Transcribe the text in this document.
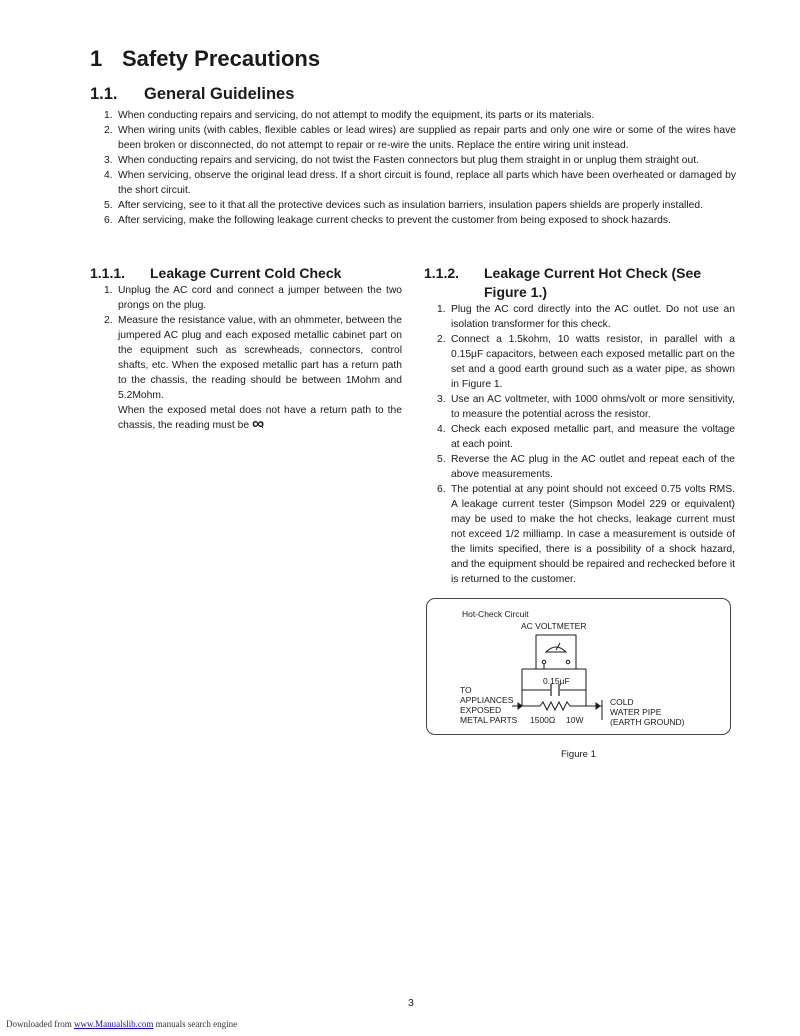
1 Safety Precautions
1.1. General Guidelines
1. When conducting repairs and servicing, do not attempt to modify the equipment, its parts or its materials.
2. When wiring units (with cables, flexible cables or lead wires) are supplied as repair parts and only one wire or some of the wires have been broken or disconnected, do not attempt to repair or re-wire the units. Replace the entire wiring unit instead.
3. When conducting repairs and servicing, do not twist the Fasten connectors but plug them straight in or unplug them straight out.
4. When servicing, observe the original lead dress. If a short circuit is found, replace all parts which have been overheated or damaged by the short circuit.
5. After servicing, see to it that all the protective devices such as insulation barriers, insulation papers shields are properly installed.
6. After servicing, make the following leakage current checks to prevent the customer from being exposed to shock hazards.
1.1.1. Leakage Current Cold Check
1. Unplug the AC cord and connect a jumper between the two prongs on the plug.
2. Measure the resistance value, with an ohmmeter, between the jumpered AC plug and each exposed metallic cabinet part on the equipment such as screwheads, connectors, control shafts, etc. When the exposed metallic part has a return path to the chassis, the reading should be between 1Mohm and 5.2Mohm.
When the exposed metal does not have a return path to the chassis, the reading must be ∞.
1.1.2. Leakage Current Hot Check (See
Figure 1.)
1. Plug the AC cord directly into the AC outlet. Do not use an isolation transformer for this check.
2. Connect a 1.5kohm, 10 watts resistor, in parallel with a 0.15μF capacitors, between each exposed metallic part on the set and a good earth ground such as a water pipe, as shown in Figure 1.
3. Use an AC voltmeter, with 1000 ohms/volt or more sensitivity, to measure the potential across the resistor.
4. Check each exposed metallic part, and measure the voltage at each point.
5. Reverse the AC plug in the AC outlet and repeat each of the above measurements.
6. The potential at any point should not exceed 0.75 volts RMS. A leakage current tester (Simpson Model 229 or equivalent) may be used to make the hot checks, leakage current must not exceed 1/2 milliamp. In case a measurement is outside of the limits specified, there is a possibility of a shock hazard, and the equipment should be repaired and rechecked before it is returned to the customer.
Hot-Check Circuit
AC VOLTMETER
0.15μF
TO
APPLIANCES
EXPOSED
METAL PARTS 1500Ω 10W
COLD
WATER PIPE
(EARTH GROUND)
Figure 1
3
Downloaded from www.Manualslib.com manuals search engine
